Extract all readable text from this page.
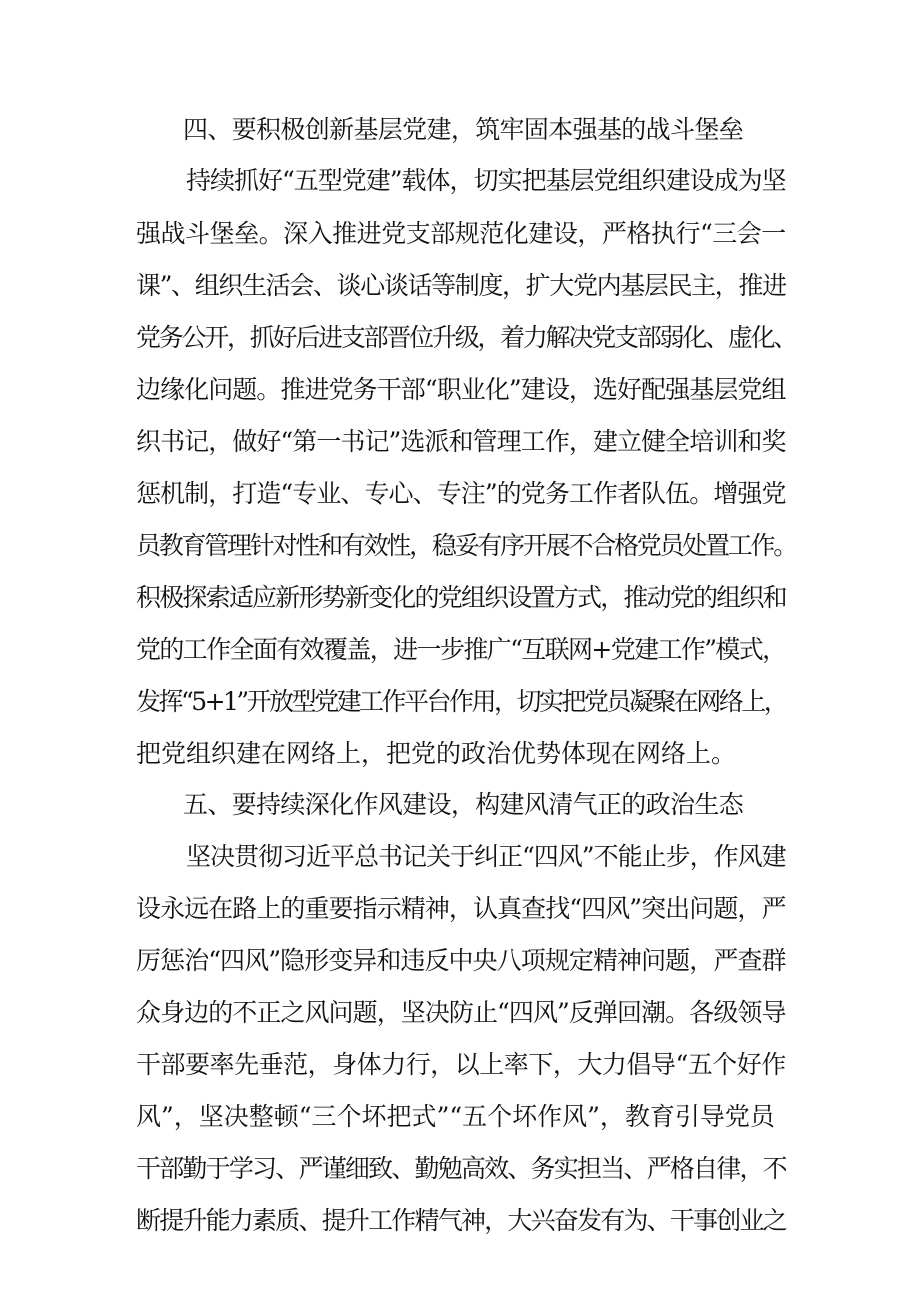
四、要积极创新基层党建，筑牢固本强基的战斗堡垒
持续抓好“五型党建”载体，切实把基层党组织建设成为坚
强战斗堡垒。深入推进党支部规范化建设，严格执行“三会一
课”、组织生活会、谈心谈话等制度，扩大党内基层民主，推进
党务公开，抓好后进支部晋位升级，着力解决党支部弱化、虚化、
边缘化问题。推进党务干部“职业化”建设，选好配强基层党组
织书记，做好“第一书记”选派和管理工作，建立健全培训和奖
惩机制，打造“专业、专心、专注”的党务工作者队伍。增强党
员教育管理针对性和有效性，稳妥有序开展不合格党员处置工作。
积极探索适应新形势新变化的党组织设置方式，推动党的组织和
党的工作全面有效覆盖，进一步推广“互联网+党建工作”模式，
发挥“5+1”开放型党建工作平台作用，切实把党员凝聚在网络上，
把党组织建在网络上，把党的政治优势体现在网络上。
五、要持续深化作风建设，构建风清气正的政治生态
坚决贯彻习近平总书记关于纠正“四风”不能止步，作风建
设永远在路上的重要指示精神，认真查找“四风”突出问题，严
厉惩治“四风”隐形变异和违反中央八项规定精神问题，严查群
众身边的不正之风问题，坚决防止“四风”反弹回潮。各级领导
干部要率先垂范，身体力行，以上率下，大力倡导“五个好作
风”，坚决整顿“三个坏把式”“五个坏作风”，教育引导党员
干部勤于学习、严谨细致、勤勉高效、务实担当、严格自律，不
断提升能力素质、提升工作精气神，大兴奋发有为、干事创业之
